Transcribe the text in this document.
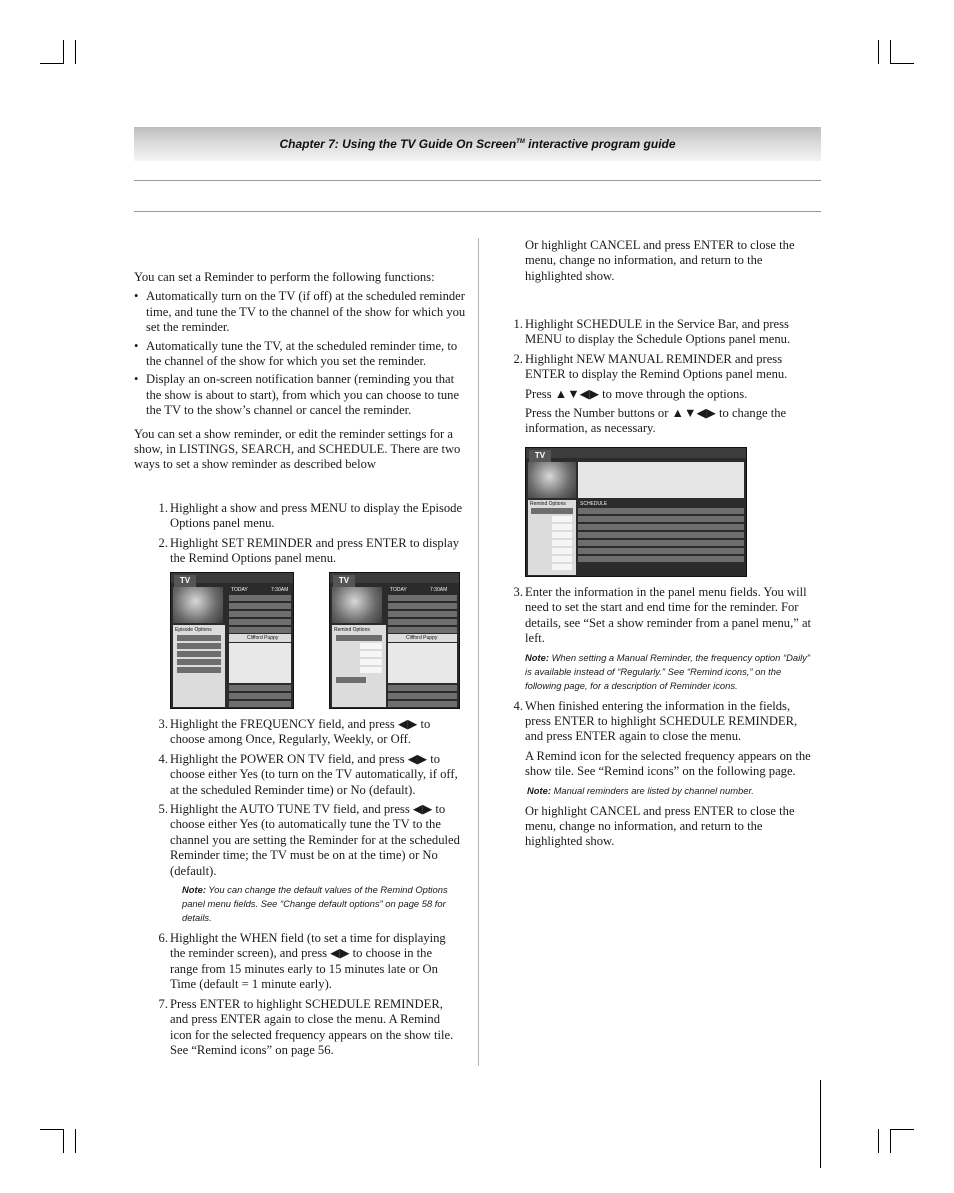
Chapter 7: Using the TV Guide On Screen™ interactive program guide

You can set a Reminder to perform the following functions:

• Automatically turn on the TV (if off) at the scheduled reminder time, and tune the TV to the channel of the show for which you set the reminder.
• Automatically tune the TV, at the scheduled reminder time, to the channel of the show for which you set the reminder.
• Display an on-screen notification banner (reminding you that the show is about to start), from which you can choose to tune the TV to the show’s channel or cancel the reminder.

You can set a show reminder, or edit the reminder settings for a show, in LISTINGS, SEARCH, and SCHEDULE. There are two ways to set a show reminder as described below

1. Highlight a show and press MENU to display the Episode Options panel menu.
2. Highlight SET REMINDER and press ENTER to display the Remind Options panel menu.
TV
Episode Options
TODAY	7:30AM
Clifford Puppy
TV
Remind Options
TODAY	7:30AM
Clifford Puppy
3. Highlight the FREQUENCY field, and press ◀▶ to choose among Once, Regularly, Weekly, or Off.
4. Highlight the POWER ON TV field, and press ◀▶ to choose either Yes (to turn on the TV automatically, if off, at the scheduled Reminder time) or No (default).
5. Highlight the AUTO TUNE TV field, and press ◀▶ to choose either Yes (to automatically tune the TV to the channel you are setting the Reminder for at the scheduled Reminder time; the TV must be on at the time) or No (default).
Note: You can change the default values of the Remind Options panel menu fields. See “Change default options” on page 58 for details.
6. Highlight the WHEN field (to set a time for displaying the reminder screen), and press ◀▶ to choose in the range from 15 minutes early to 15 minutes late or On Time (default = 1 minute early).
7. Press ENTER to highlight SCHEDULE REMINDER, and press ENTER again to close the menu. A Remind icon for the selected frequency appears on the show tile. See “Remind icons” on page 56.

Or highlight CANCEL and press ENTER to close the menu, change no information, and return to the highlighted show.

1. Highlight SCHEDULE in the Service Bar, and press MENU to display the Schedule Options panel menu.
2. Highlight NEW MANUAL REMINDER and press ENTER to display the Remind Options panel menu.

Press ▲▼◀▶ to move through the options.

Press the Number buttons or ▲▼◀▶ to change the information, as necessary.

TV
Remind Options	SCHEDULE
3. Enter the information in the panel menu fields. You will need to set the start and end time for the reminder. For details, see “Set a show reminder from a panel menu,” at left.
Note: When setting a Manual Reminder, the frequency option “Daily” is available instead of “Regularly.” See “Remind icons,” on the following page, for a description of Reminder icons.
4. When finished entering the information in the fields, press ENTER to highlight SCHEDULE REMINDER, and press ENTER again to close the menu.

A Remind icon for the selected frequency appears on the show tile. See “Remind icons” on the following page.

Note: Manual reminders are listed by channel number.

Or highlight CANCEL and press ENTER to close the menu, change no information, and return to the highlighted show.
